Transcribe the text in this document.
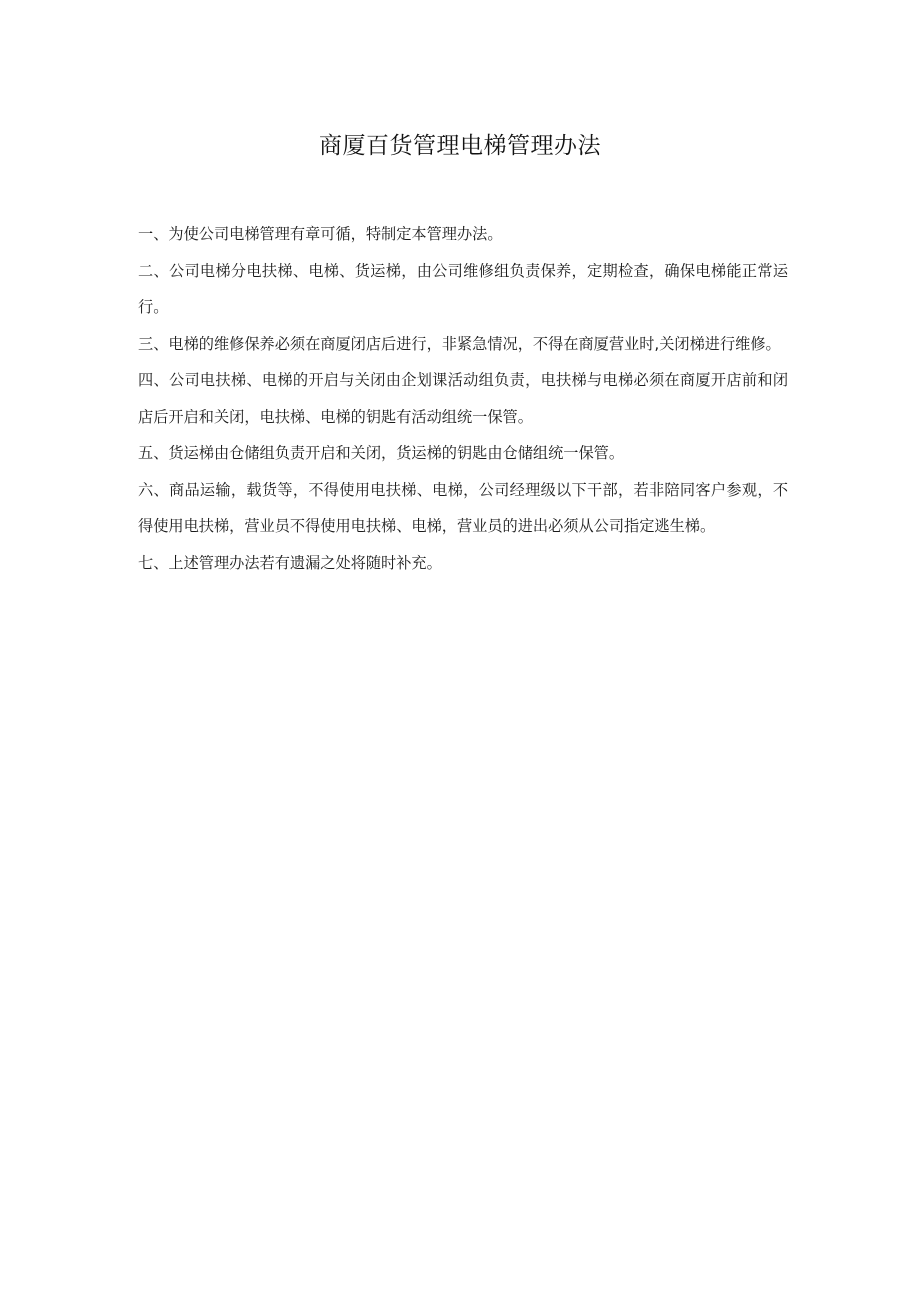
商厦百货管理电梯管理办法

一、为使公司电梯管理有章可循，特制定本管理办法。

二、公司电梯分电扶梯、电梯、货运梯，由公司维修组负责保养，定期检查，确保电梯能正常运行。

三、电梯的维修保养必须在商厦闭店后进行，非紧急情况，不得在商厦营业时,关闭梯进行维修。

四、公司电扶梯、电梯的开启与关闭由企划课活动组负责，电扶梯与电梯必须在商厦开店前和闭店后开启和关闭，电扶梯、电梯的钥匙有活动组统一保管。

五、货运梯由仓储组负责开启和关闭，货运梯的钥匙由仓储组统一保管。

六、商品运输，载货等，不得使用电扶梯、电梯，公司经理级以下干部，若非陪同客户参观，不得使用电扶梯，营业员不得使用电扶梯、电梯，营业员的进出必须从公司指定逃生梯。

七、上述管理办法若有遗漏之处将随时补充。
